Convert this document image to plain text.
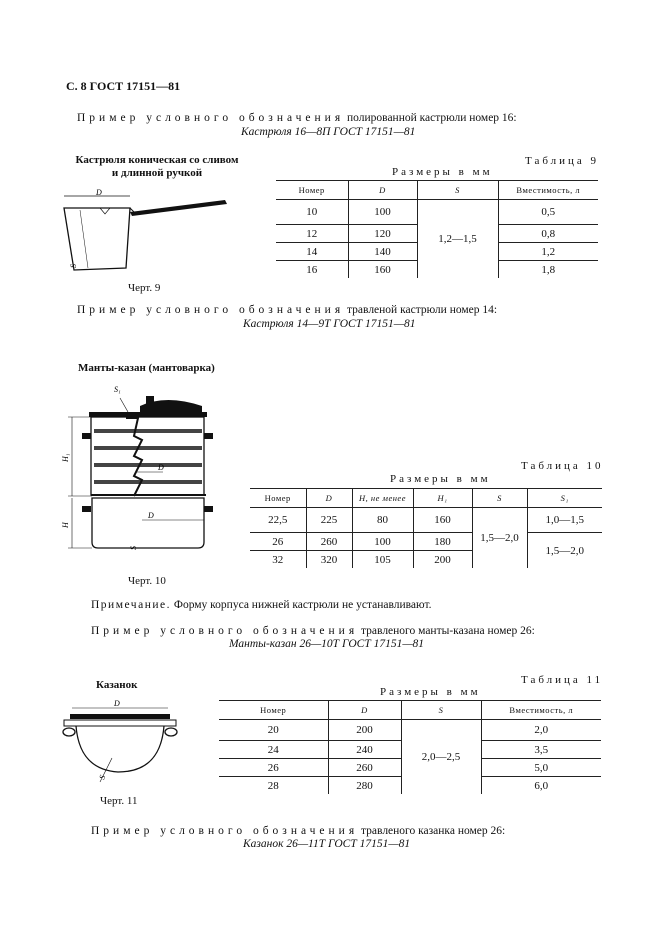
С. 8 ГОСТ 17151—81
Пример условного обозначения полированной кастрюли номер 16:
Кастрюля 16—8П ГОСТ 17151—81
Кастрюля коническая со сливом
и длинной ручкой
D
S
Черт. 9
Таблица 9
Размеры в мм
Номер	D	S	Вместимость, л
10	100	1,2—1,5	0,5
12	120		0,8
14	140		1,2
16	160		1,8
Пример условного обозначения травленой кастрюли номер 14:
Кастрюля 14—9Т ГОСТ 17151—81
Манты-казан (мантоварка)
S₁
H₁
H
D
D
S
Черт. 10
Таблица 10
Размеры в мм
Номер	D	H, не менее	H₁	S	S₁
22,5	225	80	160	1,5—2,0	1,0—1,5
26	260	100	180		1,5—2,0
32	320	105	200		
Примечание. Форму корпуса нижней кастрюли не устанавливают.
Пример условного обозначения травленого манты-казана номер 26:
Манты-казан 26—10Т ГОСТ 17151—81
Казанок
D
S
Черт. 11
Таблица 11
Размеры в мм
Номер	D	S	Вместимость, л
20	200	2,0—2,5	2,0
24	240		3,5
26	260		5,0
28	280		6,0
Пример условного обозначения травленого казанка номер 26:
Казанок 26—11Т ГОСТ 17151—81
